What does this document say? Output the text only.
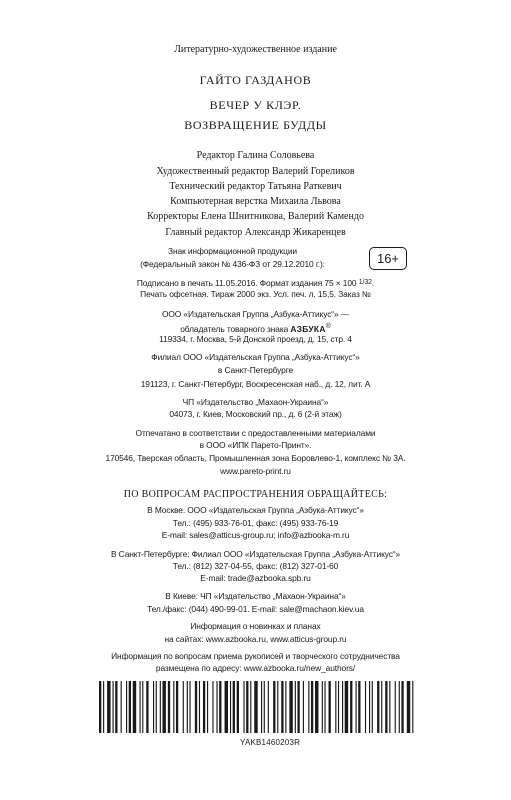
Литературно-художественное издание
ГАЙТО ГАЗДАНОВ
ВЕЧЕР У КЛЭР.
ВОЗВРАЩЕНИЕ БУДДЫ
Редактор Галина Соловьева
Художественный редактор Валерий Гореликов
Технический редактор Татьяна Раткевич
Компьютерная верстка Михаила Львова
Корректоры Елена Шнитникова, Валерий Камендо
Главный редактор Александр Жикаренцев
Знак информационной продукции
(Федеральный закон № 436-ФЗ от 29.12.2010 г.):	16+
Подписано в печать 11.05.2016. Формат издания 75 × 100 $^{1/32}$.
Печать офсетная. Тираж 2000 экз. Усл. печ. л. 15,5. Заказ №
ООО «Издательская Группа „Азбука-Аттикус“» —
обладатель товарного знака АЗБУКА®
119334, г. Москва, 5-й Донской проезд, д. 15, стр. 4
Филиал ООО «Издательская Группа „Азбука-Аттикус“»
в Санкт-Петербурге
191123, г. Санкт-Петербург, Воскресенская наб., д. 12, лит. А
ЧП «Издательство „Махаон-Украина“»
04073, г. Киев, Московский пр., д. 6 (2-й этаж)
Отпечатано в соответствии с предоставленными материалами
в ООО «ИПК Парето-Принт».
170546, Тверская область, Промышленная зона Боровлево-1, комплекс № 3А.
www.pareto-print.ru
ПО ВОПРОСАМ РАСПРОСТРАНЕНИЯ ОБРАЩАЙТЕСЬ:
В Москве: ООО «Издательская Группа „Азбука-Аттикус“»
Тел.: (495) 933-76-01, факс: (495) 933-76-19
E-mail: sales@atticus-group.ru; info@azbooka-m.ru
В Санкт-Петербурге: Филиал ООО «Издательская Группа „Азбука-Аттикус“»
Тел.: (812) 327-04-55, факс: (812) 327-01-60
E-mail: trade@azbooka.spb.ru
В Киеве: ЧП «Издательство „Махаон-Украина“»
Тел./факс: (044) 490-99-01. E-mail: sale@machaon.kiev.ua
Информация о новинках и планах
на сайтах: www.azbooka.ru, www.atticus-group.ru
Информация по вопросам приема рукописей и творческого сотрудничества
размещена по адресу: www.azbooka.ru/new_authors/
YAKB1460203R
